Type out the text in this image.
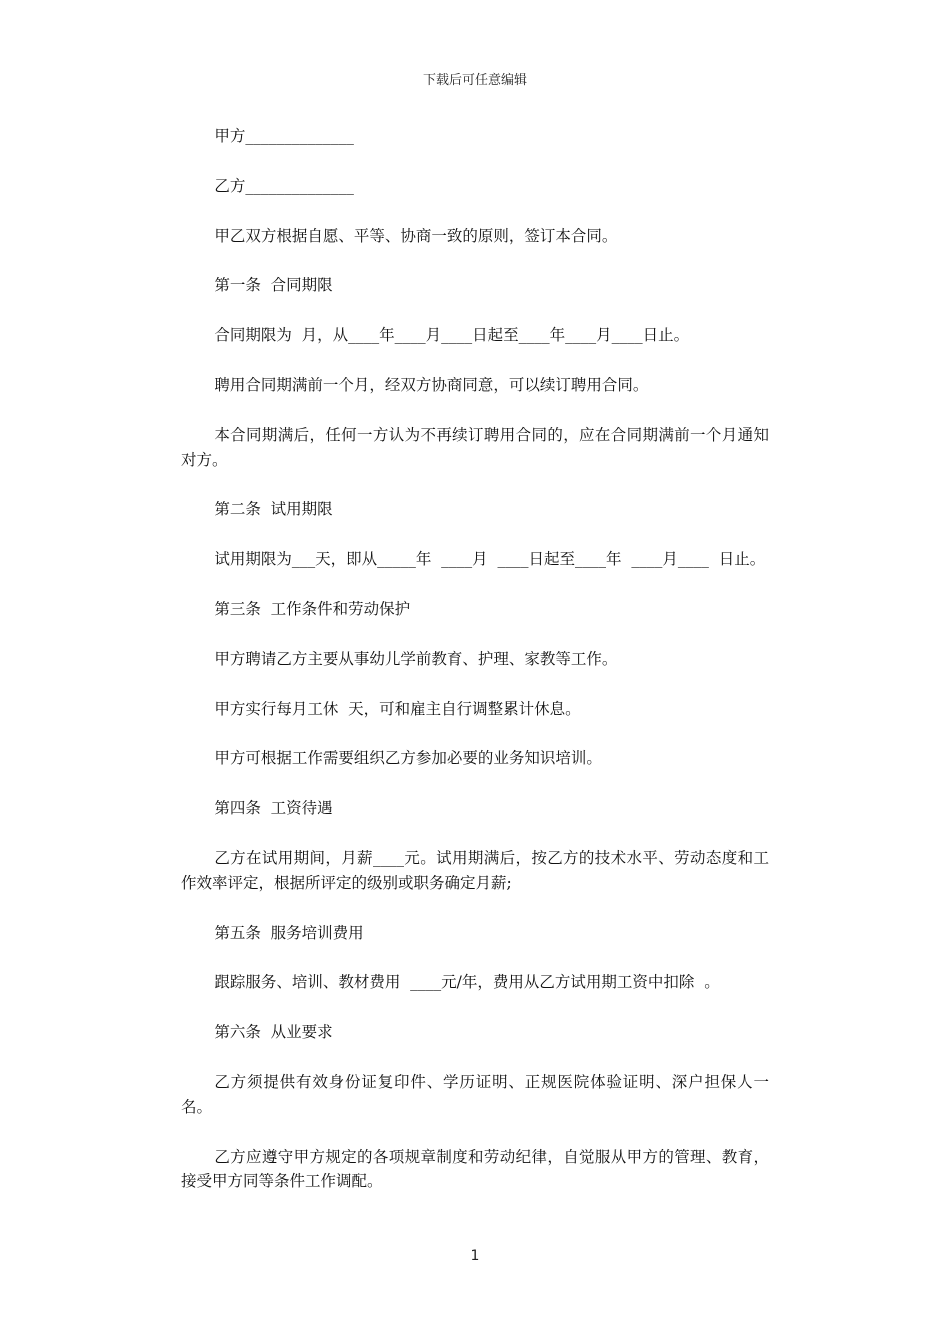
下载后可任意编辑

甲方______________

乙方______________

甲乙双方根据自愿、平等、协商一致的原则，签订本合同。

第一条  合同期限

合同期限为  月，从____年____月____日起至____年____月____日止。

聘用合同期满前一个月，经双方协商同意，可以续订聘用合同。

本合同期满后，任何一方认为不再续订聘用合同的，应在合同期满前一个月通知对方。

第二条  试用期限

试用期限为___天，即从_____年  ____月  ____日起至____年  ____月____  日止。

第三条  工作条件和劳动保护

甲方聘请乙方主要从事幼儿学前教育、护理、家教等工作。

甲方实行每月工休  天，可和雇主自行调整累计休息。

甲方可根据工作需要组织乙方参加必要的业务知识培训。

第四条  工资待遇

乙方在试用期间，月薪____元。试用期满后，按乙方的技术水平、劳动态度和工作效率评定，根据所评定的级别或职务确定月薪;

第五条  服务培训费用

跟踪服务、培训、教材费用  ____元/年，费用从乙方试用期工资中扣除  。

第六条  从业要求

乙方须提供有效身份证复印件、学历证明、正规医院体验证明、深户担保人一名。

乙方应遵守甲方规定的各项规章制度和劳动纪律，自觉服从甲方的管理、教育，接受甲方同等条件工作调配。

1
